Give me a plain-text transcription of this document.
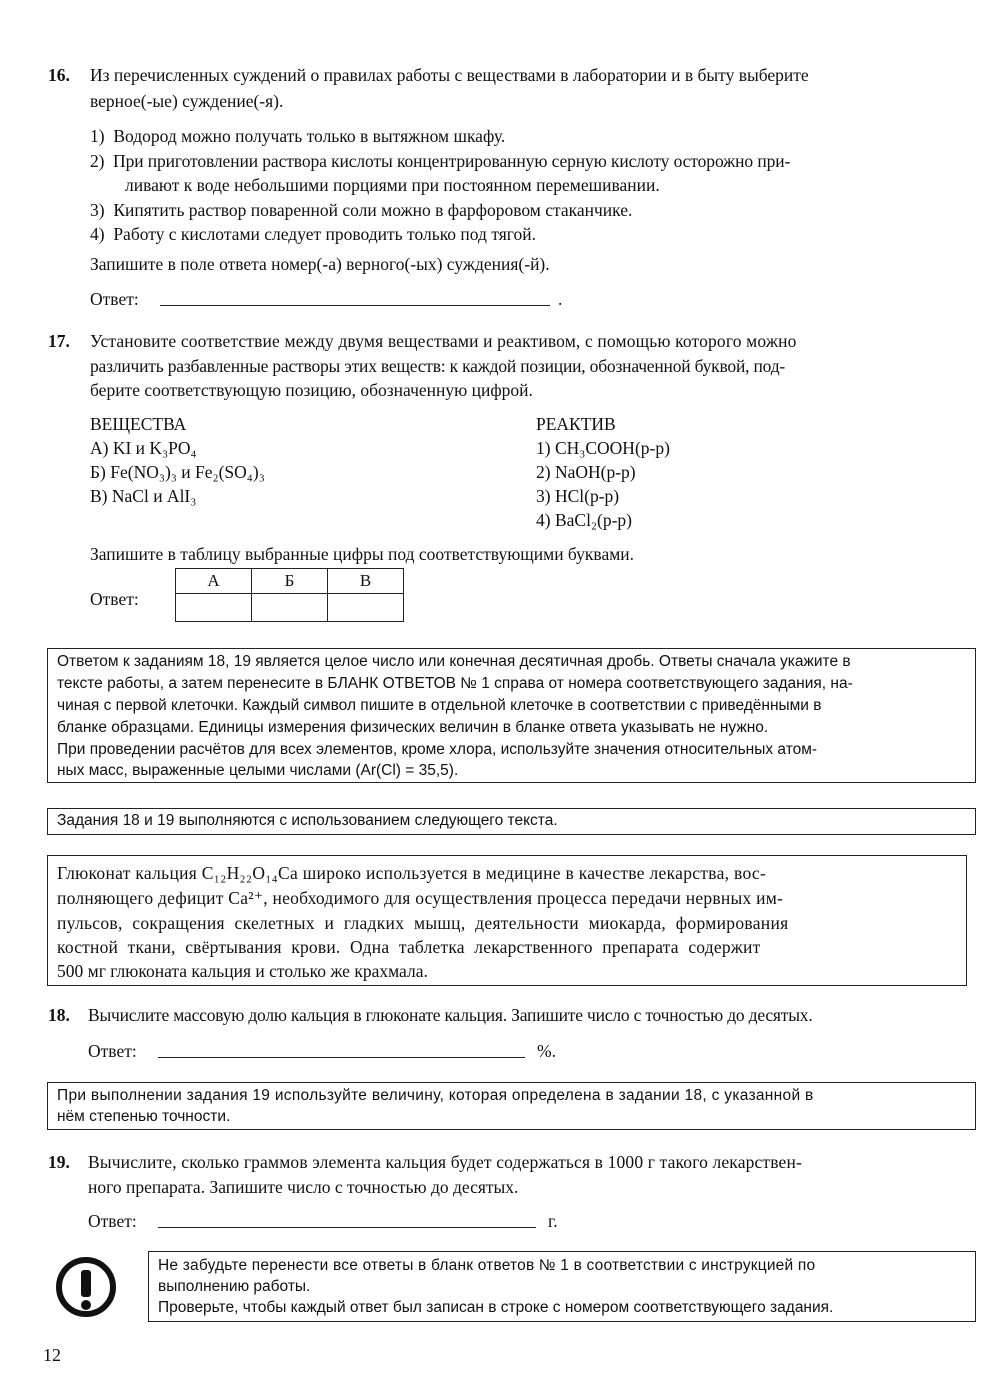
16. Из перечисленных суждений о правилах работы с веществами в лаборатории и в быту выберите
верное(-ые) суждение(-я).
1) Водород можно получать только в вытяжном шкафу.
2) При приготовлении раствора кислоты концентрированную серную кислоту осторожно при-
  ливают к воде небольшими порциями при постоянном перемешивании.
3) Кипятить раствор поваренной соли можно в фарфоровом стаканчике.
4) Работу с кислотами следует проводить только под тягой.
Запишите в поле ответа номер(-а) верного(-ых) суждения(-й).
Ответ:	.
17. Установите соответствие между двумя веществами и реактивом, с помощью которого можно
различить разбавленные растворы этих веществ: к каждой позиции, обозначенной буквой, под-
берите соответствующую позицию, обозначенную цифрой.
ВЕЩЕСТВА
А) KI и K₃PO₄
Б) Fe(NO₃)₃ и Fe₂(SO₄)₃
В) NaCl и AlI₃
РЕАКТИВ
1) CH₃COOH(р-р)
2) NaOH(р-р)
3) HCl(р-р)
4) BaCl₂(р-р)
Запишите в таблицу выбранные цифры под соответствующими буквами.
Ответ:
А	Б	В

Ответом к заданиям 18, 19 является целое число или конечная десятичная дробь. Ответы сначала укажите в
тексте работы, а затем перенесите в БЛАНК ОТВЕТОВ № 1 справа от номера соответствующего задания, на-
чиная с первой клеточки. Каждый символ пишите в отдельной клеточке в соответствии с приведёнными в
бланке образцами. Единицы измерения физических величин в бланке ответа указывать не нужно.
При проведении расчётов для всех элементов, кроме хлора, используйте значения относительных атом-
ных масс, выраженные целыми числами (Ar(Cl) = 35,5).
Задания 18 и 19 выполняются с использованием следующего текста.
Глюконат кальция C₁₂H₂₂O₁₄Ca широко используется в медицине в качестве лекарства, вос-
полняющего дефицит Ca²⁺, необходимого для осуществления процесса передачи нервных им-
пульсов, сокращения скелетных и гладких мышц, деятельности миокарда, формирования
костной ткани, свёртывания крови. Одна таблетка лекарственного препарата содержит
500 мг глюконата кальция и столько же крахмала.
18. Вычислите массовую долю кальция в глюконате кальция. Запишите число с точностью до десятых.
Ответ:	%.
При выполнении задания 19 используйте величину, которая определена в задании 18, с указанной в
нём степенью точности.
19. Вычислите, сколько граммов элемента кальция будет содержаться в 1000 г такого лекарствен-
ного препарата. Запишите число с точностью до десятых.
Ответ:	г.
Не забудьте перенести все ответы в бланк ответов № 1 в соответствии с инструкцией по
выполнению работы.
Проверьте, чтобы каждый ответ был записан в строке с номером соответствующего задания.
12
